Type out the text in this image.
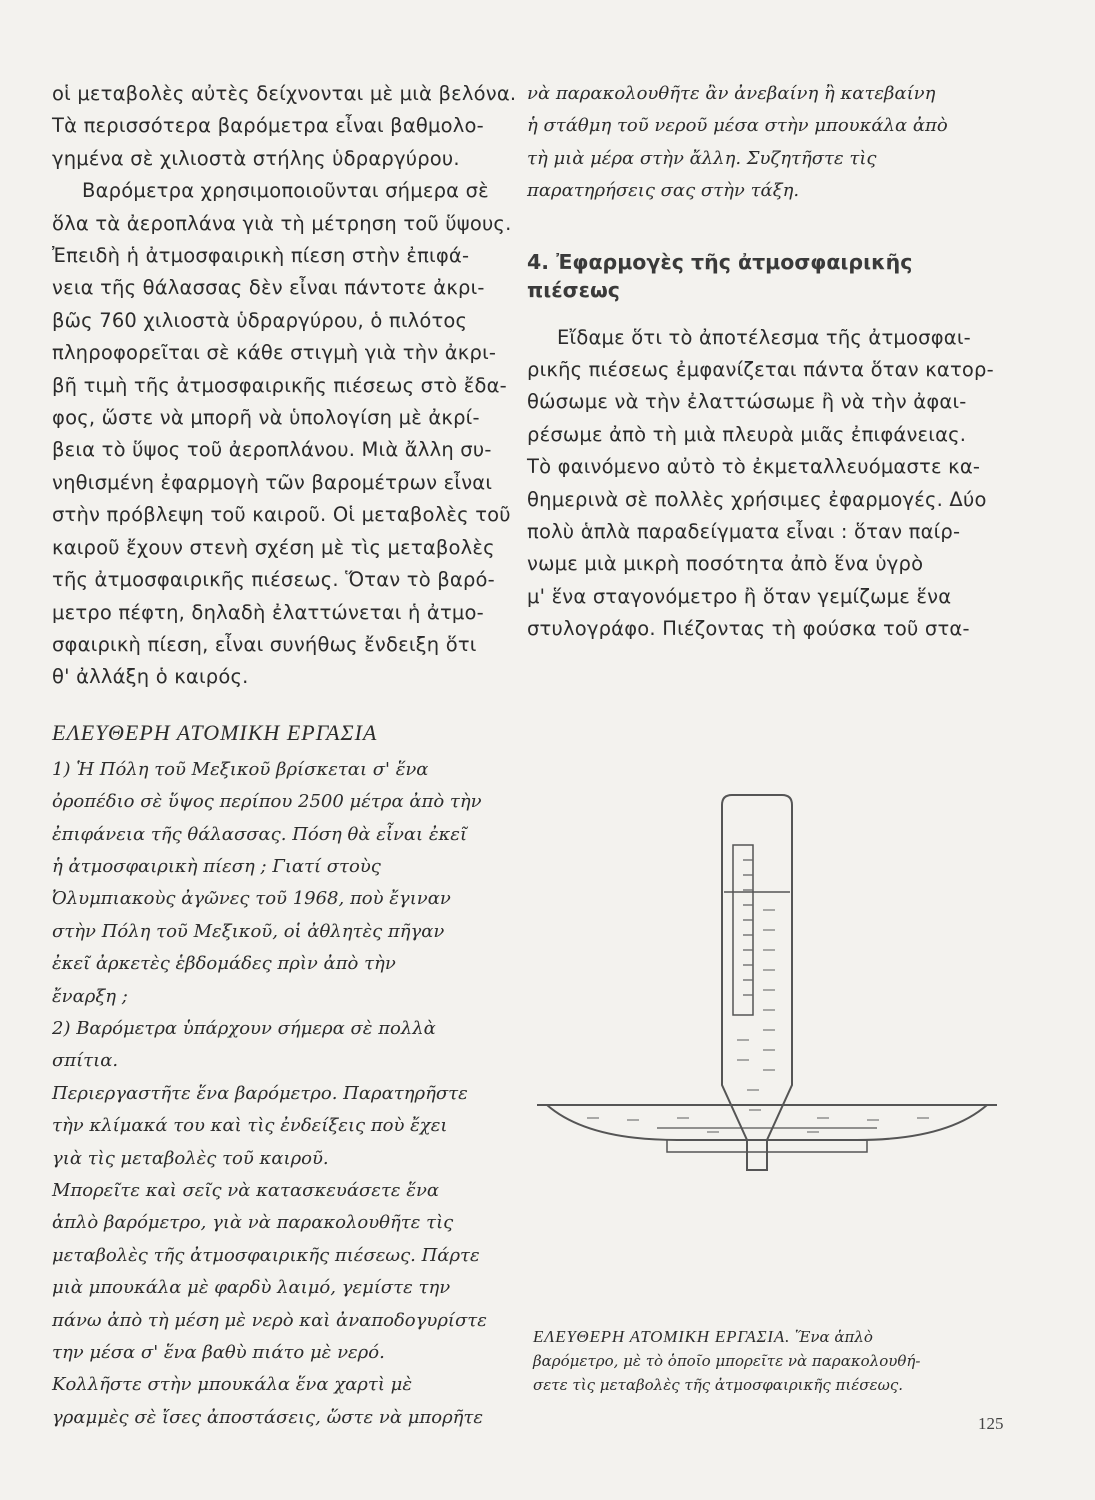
οἱ μεταβολὲς αὐτὲς δείχνονται μὲ μιὰ βελόνα.
Τὰ περισσότερα βαρόμετρα εἶναι βαθμολο-
γημένα σὲ χιλιοστὰ στήλης ὑδραργύρου.

Βαρόμετρα χρησιμοποιοῦνται σήμερα σὲ
ὅλα τὰ ἀεροπλάνα γιὰ τὴ μέτρηση τοῦ ὕψους.
Ἐπειδὴ ἡ ἀτμοσφαιρικὴ πίεση στὴν ἐπιφά-
νεια τῆς θάλασσας δὲν εἶναι πάντοτε ἀκρι-
βῶς 760 χιλιοστὰ ὑδραργύρου, ὁ πιλότος
πληροφορεῖται σὲ κάθε στιγμὴ γιὰ τὴν ἀκρι-
βῆ τιμὴ τῆς ἀτμοσφαιρικῆς πιέσεως στὸ ἔδα-
φος, ὥστε νὰ μπορῆ νὰ ὑπολογίση μὲ ἀκρί-
βεια τὸ ὕψος τοῦ ἀεροπλάνου. Μιὰ ἄλλη συ-
νηθισμένη ἐφαρμογὴ τῶν βαρομέτρων εἶναι
στὴν πρόβλεψη τοῦ καιροῦ. Οἱ μεταβολὲς τοῦ
καιροῦ ἔχουν στενὴ σχέση μὲ τὶς μεταβολὲς
τῆς ἀτμοσφαιρικῆς πιέσεως. Ὅταν τὸ βαρό-
μετρο πέφτη, δηλαδὴ ἐλαττώνεται ἡ ἀτμο-
σφαιρικὴ πίεση, εἶναι συνήθως ἔνδειξη ὅτι
θ' ἀλλάξη ὁ καιρός.

ΕΛΕΥΘΕΡΗ ΑΤΟΜΙΚΗ ΕΡΓΑΣΙΑ

1) Ἡ Πόλη τοῦ Μεξικοῦ βρίσκεται σ' ἕνα
ὀροπέδιο σὲ ὕψος περίπου 2500 μέτρα ἀπὸ τὴν
ἐπιφάνεια τῆς θάλασσας. Πόση θὰ εἶναι ἐκεῖ
ἡ ἀτμοσφαιρικὴ πίεση ; Γιατί στοὺς
Ὀλυμπιακοὺς ἀγῶνες τοῦ 1968, ποὺ ἔγιναν
στὴν Πόλη τοῦ Μεξικοῦ, οἱ ἀθλητὲς πῆγαν
ἐκεῖ ἀρκετὲς ἑβδομάδες πρὶν ἀπὸ τὴν
ἔναρξη ;
2) Βαρόμετρα ὑπάρχουν σήμερα σὲ πολλὰ
σπίτια.
Περιεργαστῆτε ἕνα βαρόμετρο. Παρατηρῆστε
τὴν κλίμακά του καὶ τὶς ἐνδείξεις ποὺ ἔχει
γιὰ τὶς μεταβολὲς τοῦ καιροῦ.
Μπορεῖτε καὶ σεῖς νὰ κατασκευάσετε ἕνα
ἁπλὸ βαρόμετρο, γιὰ νὰ παρακολουθῆτε τὶς
μεταβολὲς τῆς ἀτμοσφαιρικῆς πιέσεως. Πάρτε
μιὰ μπουκάλα μὲ φαρδὺ λαιμό, γεμίστε την
πάνω ἀπὸ τὴ μέση μὲ νερὸ καὶ ἀναποδογυρίστε
την μέσα σ' ἕνα βαθὺ πιάτο μὲ νερό.
Κολλῆστε στὴν μπουκάλα ἕνα χαρτὶ μὲ
γραμμὲς σὲ ἴσες ἀποστάσεις, ὥστε νὰ μπορῆτε

νὰ παρακολουθῆτε ἂν ἀνεβαίνη ἢ κατεβαίνη
ἡ στάθμη τοῦ νεροῦ μέσα στὴν μπουκάλα ἀπὸ
τὴ μιὰ μέρα στὴν ἄλλη. Συζητῆστε τὶς
παρατηρήσεις σας στὴν τάξη.

4. Ἐφαρμογὲς τῆς ἀτμοσφαιρικῆς
πιέσεως

Εἴδαμε ὅτι τὸ ἀποτέλεσμα τῆς ἀτμοσφαι-
ρικῆς πιέσεως ἐμφανίζεται πάντα ὅταν κατορ-
θώσωμε νὰ τὴν ἐλαττώσωμε ἢ νὰ τὴν ἀφαι-
ρέσωμε ἀπὸ τὴ μιὰ πλευρὰ μιᾶς ἐπιφάνειας.
Τὸ φαινόμενο αὐτὸ τὸ ἐκμεταλλευόμαστε κα-
θημερινὰ σὲ πολλὲς χρήσιμες ἐφαρμογές. Δύο
πολὺ ἁπλὰ παραδείγματα εἶναι : ὅταν παίρ-
νωμε μιὰ μικρὴ ποσότητα ἀπὸ ἕνα ὑγρὸ
μ' ἕνα σταγονόμετρο ἢ ὅταν γεμίζωμε ἕνα
στυλογράφο. Πιέζοντας τὴ φούσκα τοῦ στα-

ΕΛΕΥΘΕΡΗ ΑΤΟΜΙΚΗ ΕΡΓΑΣΙΑ. Ἕνα ἁπλὸ
βαρόμετρο, μὲ τὸ ὁποῖο μπορεῖτε νὰ παρακολουθή-
σετε τὶς μεταβολὲς τῆς ἀτμοσφαιρικῆς πιέσεως.
125
